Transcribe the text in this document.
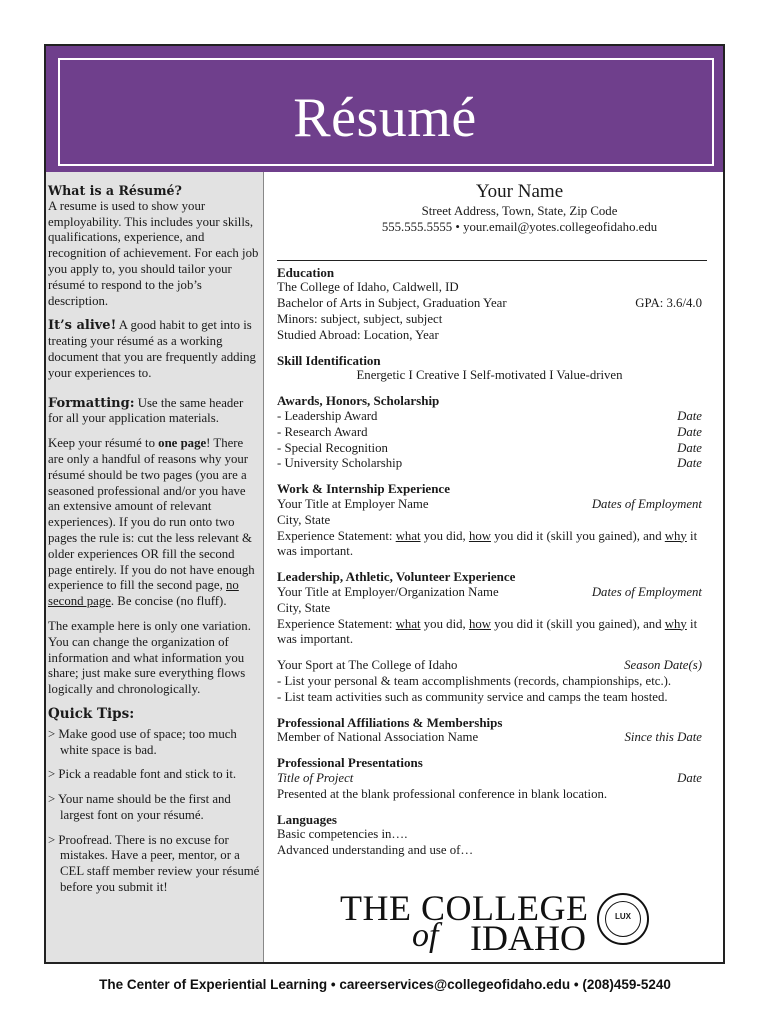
Résumé
What is a Résumé?

A resume is used to show your employability. This includes your skills, qualifications, experience, and recognition of achievement. For each job you apply to, you should tailor your résumé to respond to the job’s description.

It’s alive! A good habit to get into is treating your résumé as a working document that you are frequently adding your experiences to.

Formatting: Use the same header for all your application materials.

Keep your résumé to one page! There are only a handful of reasons why your résumé should be two pages (you are a seasoned professional and/or you have an extensive amount of relevant experiences). If you do run onto two pages the rule is: cut the less relevant & older experiences OR fill the second page entirely. If you do not have enough experience to fill the second page, no second page. Be concise (no fluff).

The example here is only one variation. You can change the organization of information and what information you share; just make sure everything flows logically and chronologically.

Quick Tips:
> Make good use of space; too much white space is bad.
> Pick a readable font and stick to it.
> Your name should be the first and largest font on your résumé.
> Proofread. There is no excuse for mistakes. Have a peer, mentor, or a CEL staff member review your résumé before you submit it!
Your Name
Street Address, Town, State, Zip Code
555.555.5555 • your.email@yotes.collegeofidaho.edu
Education
The College of Idaho, Caldwell, ID
Bachelor of Arts in Subject, Graduation Year	GPA: 3.6/4.0
Minors: subject, subject, subject
Studied Abroad: Location, Year
Skill Identification
Energetic I Creative I Self-motivated I Value-driven
Awards, Honors, Scholarship
- Leadership Award	Date
- Research Award	Date
- Special Recognition	Date
- University Scholarship	Date
Work & Internship Experience
Your Title at Employer Name	Dates of Employment
City, State
Experience Statement: what you did, how you did it (skill you gained), and why it was important.
Leadership, Athletic, Volunteer Experience
Your Title at Employer/Organization Name	Dates of Employment
City, State
Experience Statement: what you did, how you did it (skill you gained), and why it was important.
Your Sport at The College of Idaho	Season Date(s)
- List your personal & team accomplishments (records, championships, etc.).
- List team activities such as community service and camps the team hosted.
Professional Affiliations & Memberships
Member of National Association Name	Since this Date
Professional Presentations
Title of Project	Date
Presented at the blank professional conference in blank location.
Languages
Basic competencies in….
Advanced understanding and use of…
THE COLLEGE
of IDAHO
LUX
The Center of Experiential Learning • careerservices@collegeofidaho.edu • (208)459-5240
